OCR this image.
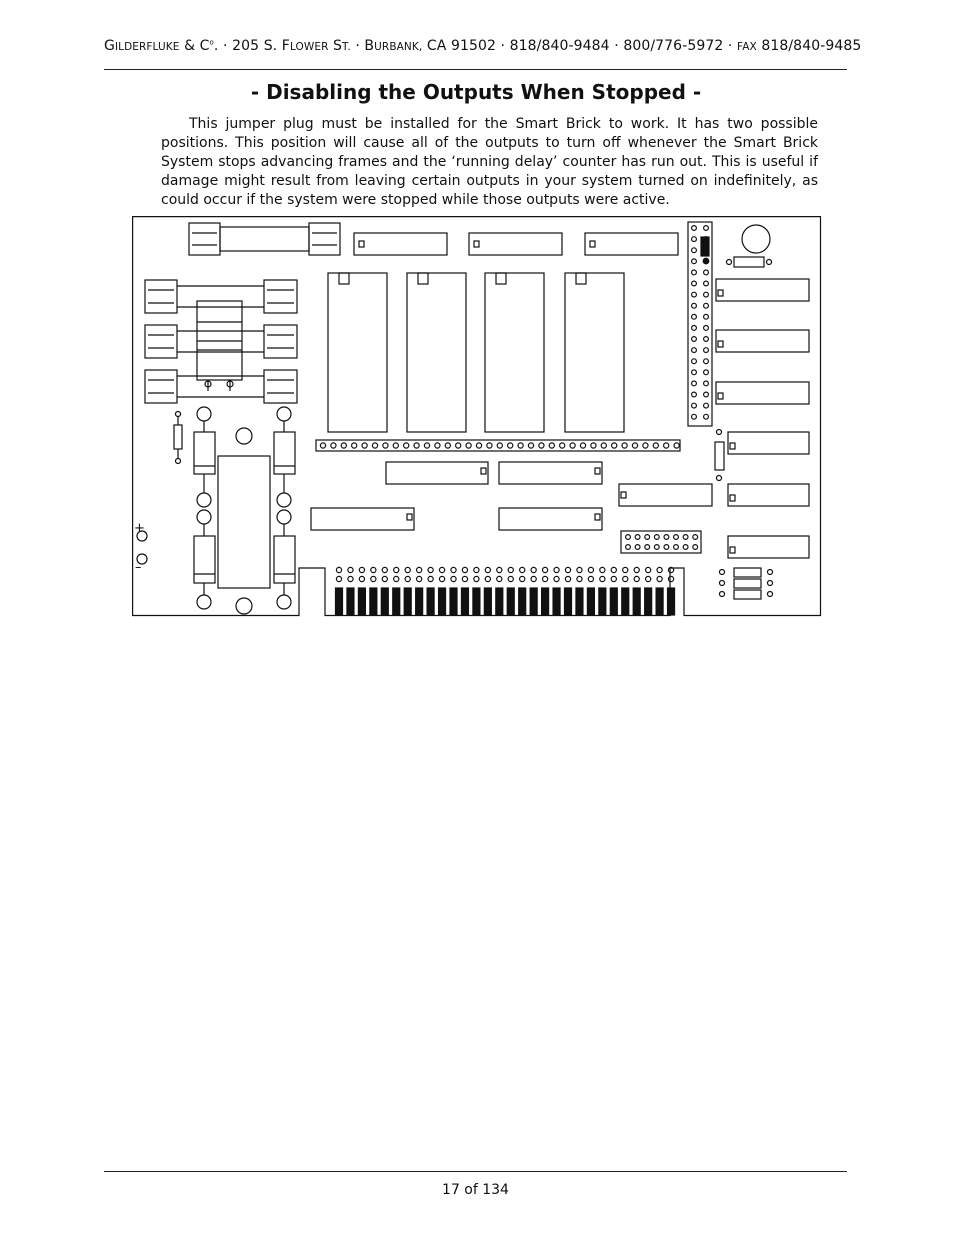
GILDERFLUKE & $C^o$. · 205 S. FLOWER ST. · BURBANK, CA 91502 · 818/840-9484 · 800/776-5972 · FAX 818/840-9485
- Disabling the Outputs When Stopped -

This jumper plug must be installed for the Smart Brick to work. It has two possible positions. This position will cause all of the outputs to turn off whenever the Smart Brick System stops advancing frames and the ‘running delay’ counter has run out. This is useful if damage might result from leaving certain outputs in your system turned on indefinitely, as could occur if the system were stopped while those outputs were active.

+
–
17 of 134
